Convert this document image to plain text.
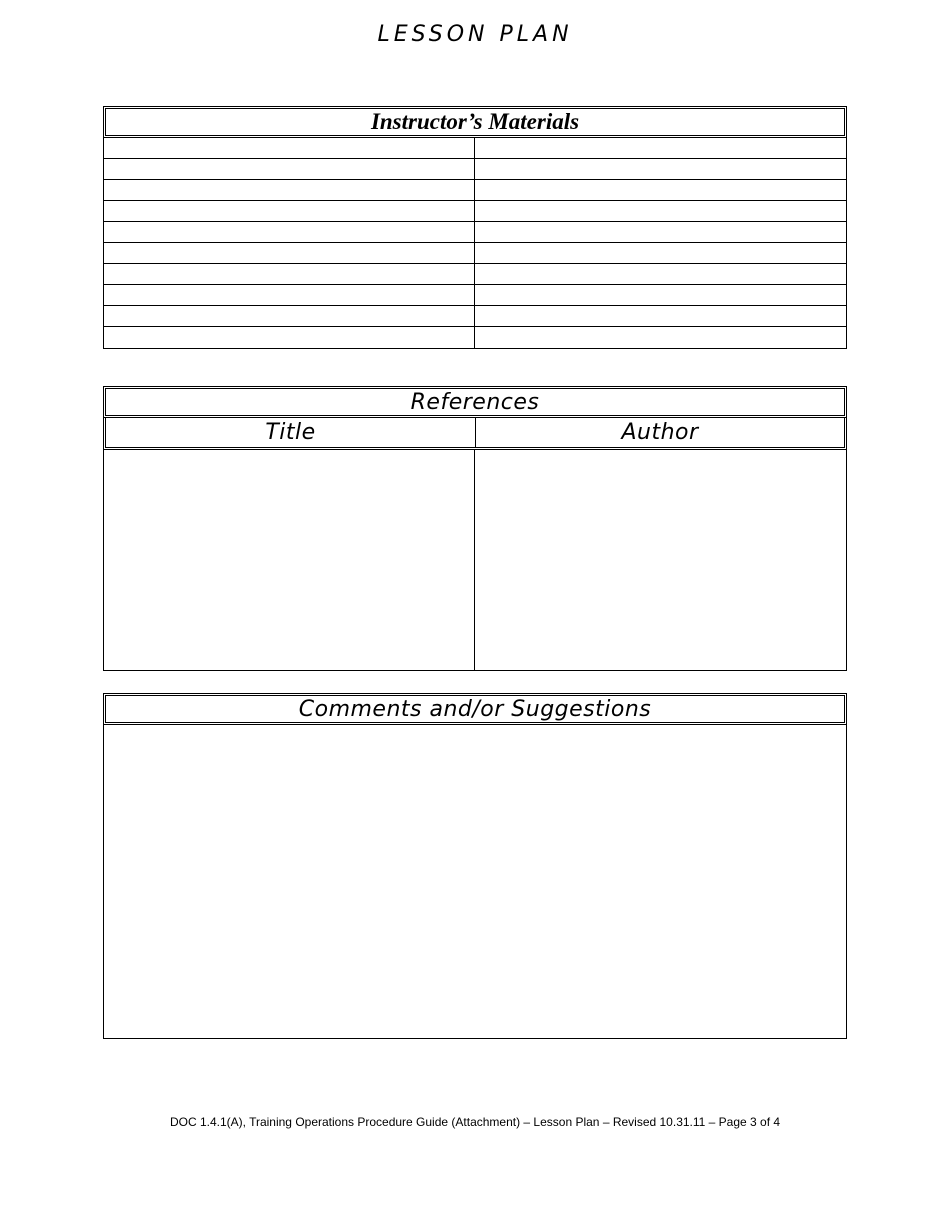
LESSON PLAN
Instructor’s Materials
References
Title	Author
Comments and/or Suggestions
DOC 1.4.1(A), Training Operations Procedure Guide (Attachment) – Lesson Plan – Revised 10.31.11 – Page 3 of 4
